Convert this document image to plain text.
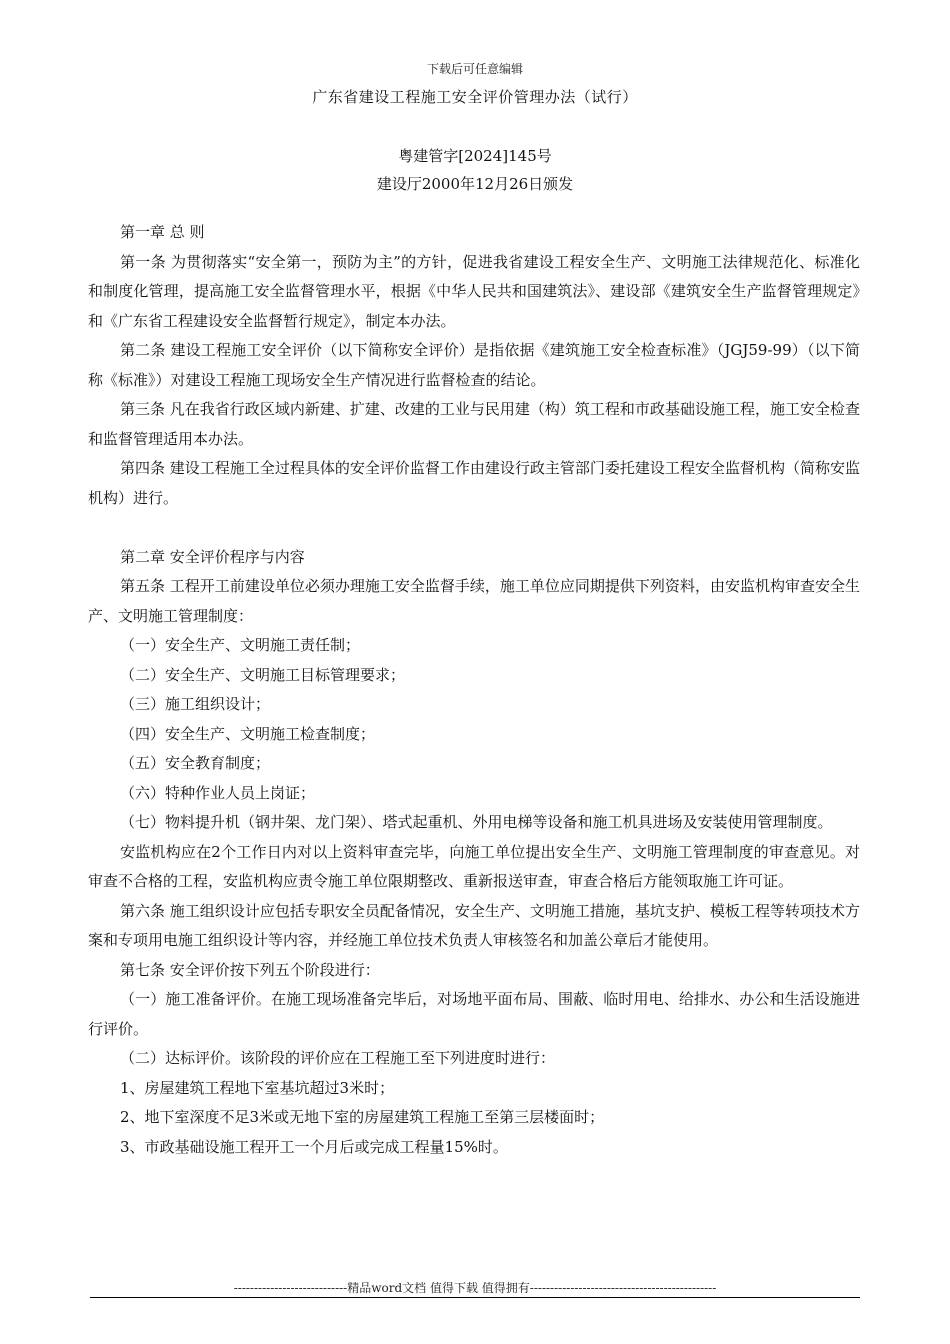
下载后可任意编辑
广东省建设工程施工安全评价管理办法（试行）
粤建管字[2024]145号
建设厅2000年12月26日颁发

第一章 总 则

第一条 为贯彻落实“安全第一，预防为主”的方针，促进我省建设工程安全生产、文明施工法律规范化、标准化和制度化管理，提高施工安全监督管理水平，根据《中华人民共和国建筑法》、建设部《建筑安全生产监督管理规定》和《广东省工程建设安全监督暂行规定》，制定本办法。

第二条 建设工程施工安全评价（以下简称安全评价）是指依据《建筑施工安全检查标准》（JGJ59-99）（以下简称《标准》）对建设工程施工现场安全生产情况进行监督检查的结论。

第三条 凡在我省行政区域内新建、扩建、改建的工业与民用建（构）筑工程和市政基础设施工程，施工安全检查和监督管理适用本办法。

第四条 建设工程施工全过程具体的安全评价监督工作由建设行政主管部门委托建设工程安全监督机构（简称安监机构）进行。

第二章 安全评价程序与内容

第五条 工程开工前建设单位必须办理施工安全监督手续，施工单位应同期提供下列资料，由安监机构审查安全生产、文明施工管理制度：

（一）安全生产、文明施工责任制；

（二）安全生产、文明施工目标管理要求；

（三）施工组织设计；

（四）安全生产、文明施工检查制度；

（五）安全教育制度；

（六）特种作业人员上岗证；

（七）物料提升机（钢井架、龙门架）、塔式起重机、外用电梯等设备和施工机具进场及安装使用管理制度。

安监机构应在2个工作日内对以上资料审查完毕，向施工单位提出安全生产、文明施工管理制度的审查意见。对审查不合格的工程，安监机构应责令施工单位限期整改、重新报送审查，审查合格后方能领取施工许可证。

第六条 施工组织设计应包括专职安全员配备情况，安全生产、文明施工措施，基坑支护、模板工程等转项技术方案和专项用电施工组织设计等内容，并经施工单位技术负责人审核签名和加盖公章后才能使用。

第七条 安全评价按下列五个阶段进行：

（一）施工准备评价。在施工现场准备完毕后，对场地平面布局、围蔽、临时用电、给排水、办公和生活设施进行评价。

（二）达标评价。该阶段的评价应在工程施工至下列进度时进行：

1、房屋建筑工程地下室基坑超过3米时；

2、地下室深度不足3米或无地下室的房屋建筑工程施工至第三层楼面时；

3、市政基础设施工程开工一个月后或完成工程量15%时。

----------------------------精品word文档 值得下载 值得拥有----------------------------------------------
